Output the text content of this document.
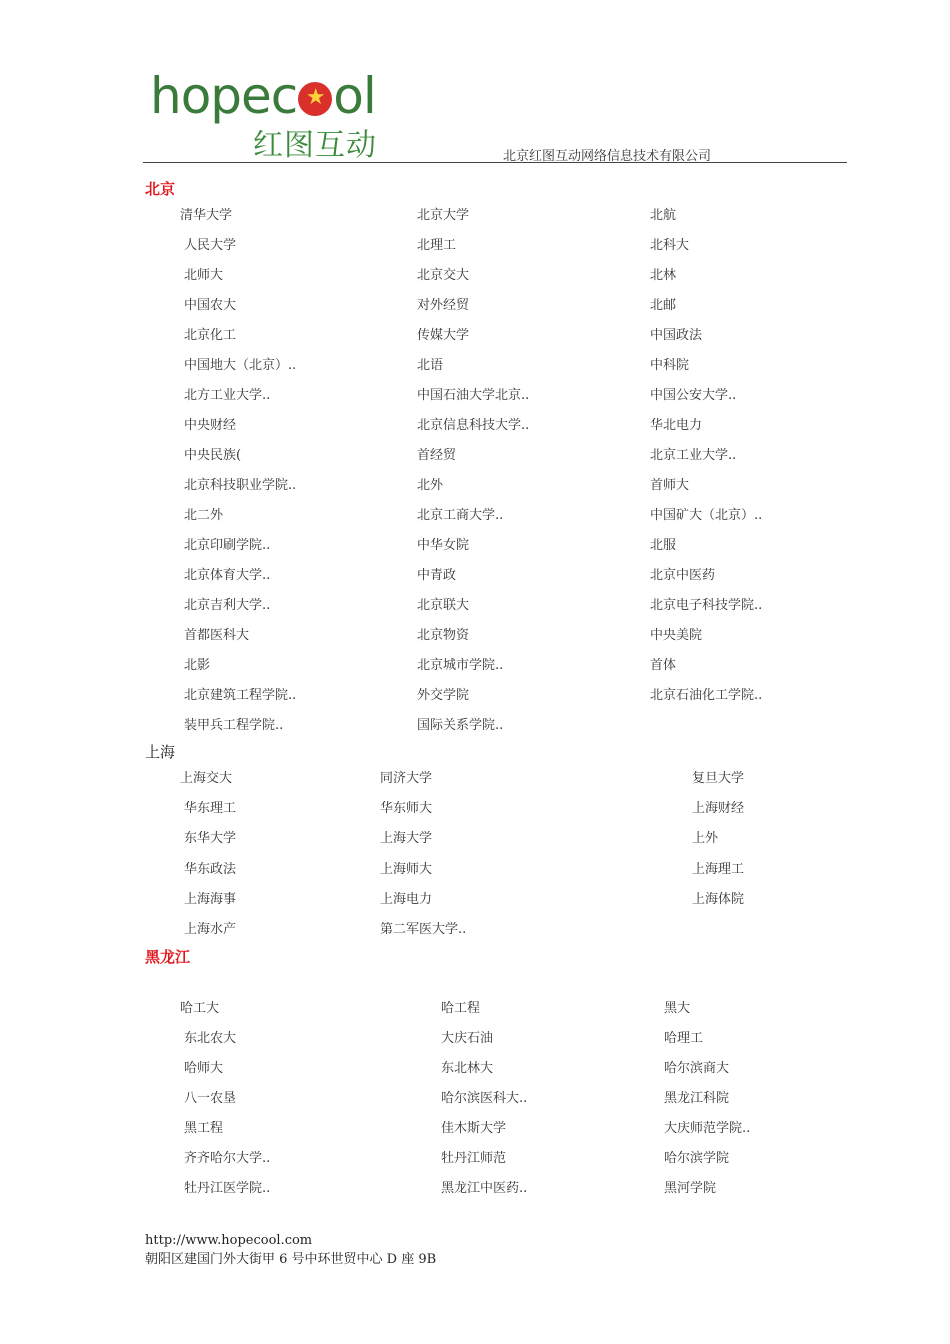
hopec★ ol
红图互动	北京红图互动网络信息技术有限公司
北京
清华大学	北京大学	北航
人民大学	北理工	北科大
北师大	北京交大	北林
中国农大	对外经贸	北邮
北京化工	传媒大学	中国政法
中国地大（北京）..	北语	中科院
北方工业大学..	中国石油大学北京..	中国公安大学..
中央财经	北京信息科技大学..	华北电力
中央民族(	首经贸	北京工业大学..
北京科技职业学院..	北外	首师大
北二外	北京工商大学..	中国矿大（北京）..
北京印刷学院..	中华女院	北服
北京体育大学..	中青政	北京中医药
北京吉利大学..	北京联大	北京电子科技学院..
首都医科大	北京物资	中央美院
北影	北京城市学院..	首体
北京建筑工程学院..	外交学院	北京石油化工学院..
装甲兵工程学院..	国际关系学院..
上海
上海交大	同济大学	复旦大学
华东理工	华东师大	上海财经
东华大学	上海大学	上外
华东政法	上海师大	上海理工
上海海事	上海电力	上海体院
上海水产	第二军医大学..
黑龙江
哈工大	哈工程	黑大
东北农大	大庆石油	哈理工
哈师大	东北林大	哈尔滨商大
八一农垦	哈尔滨医科大..	黑龙江科院
黑工程	佳木斯大学	大庆师范学院..
齐齐哈尔大学..	牡丹江师范	哈尔滨学院
牡丹江医学院..	黑龙江中医药..	黑河学院
http://www.hopecool.com
朝阳区建国门外大街甲 6 号中环世贸中心 D 座 9B
